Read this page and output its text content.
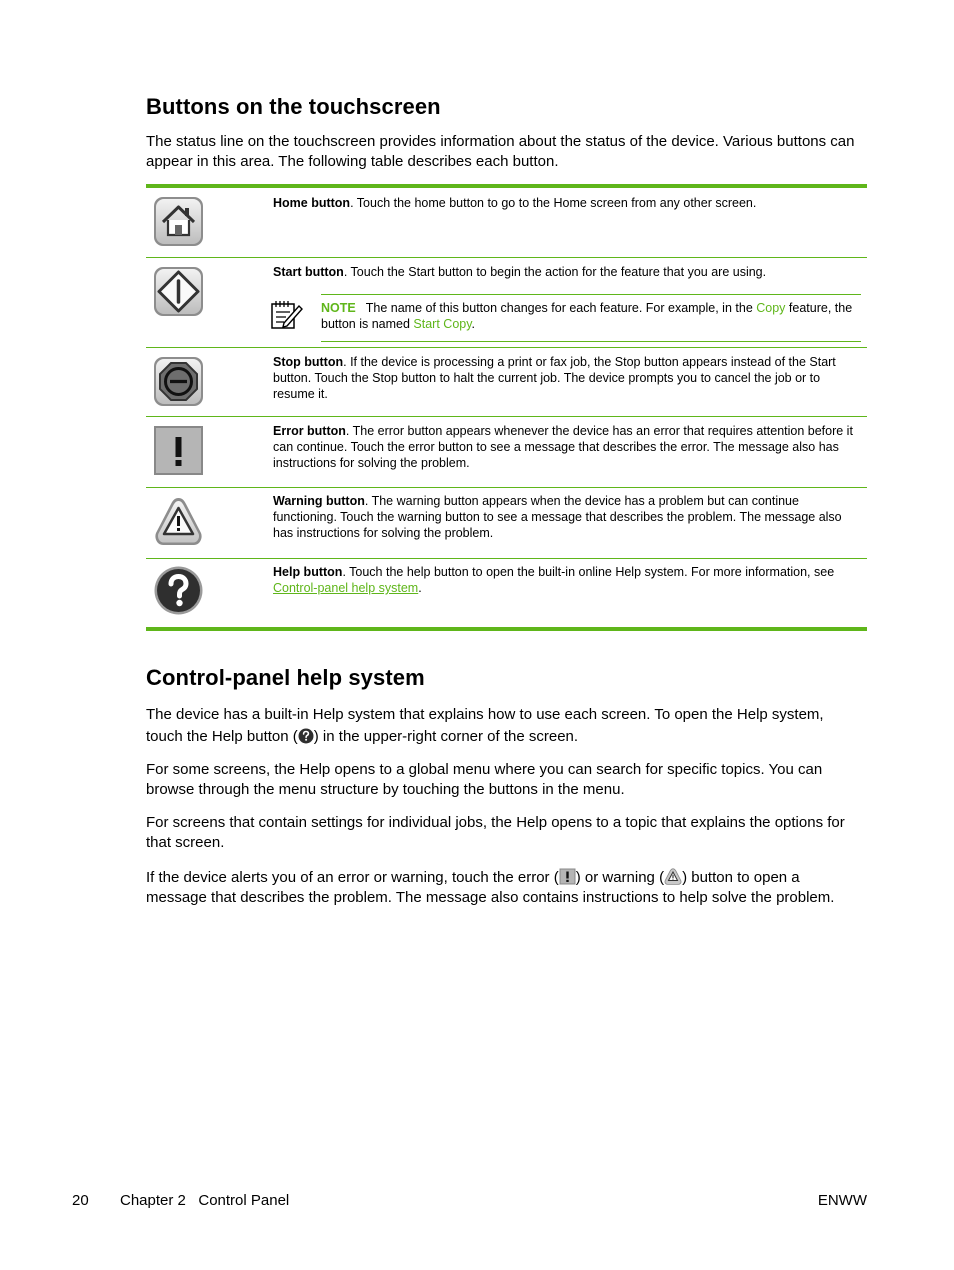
Buttons on the touchscreen

The status line on the touchscreen provides information about the status of the device. Various buttons can appear in this area. The following table describes each button.

Home button. Touch the home button to go to the Home screen from any other screen.

Start button. Touch the Start button to begin the action for the feature that you are using.

NOTE The name of this button changes for each feature. For example, in the Copy feature, the button is named Start Copy.

Stop button. If the device is processing a print or fax job, the Stop button appears instead of the Start button. Touch the Stop button to halt the current job. The device prompts you to cancel the job or to resume it.

Error button. The error button appears whenever the device has an error that requires attention before it can continue. Touch the error button to see a message that describes the error. The message also has instructions for solving the problem.

Warning button. The warning button appears when the device has a problem but can continue functioning. Touch the warning button to see a message that describes the problem. The message also has instructions for solving the problem.

Help button. Touch the help button to open the built-in online Help system. For more information, see Control-panel help system.

Control-panel help system

The device has a built-in Help system that explains how to use each screen. To open the Help system, touch the Help button ( ) in the upper-right corner of the screen.

For some screens, the Help opens to a global menu where you can search for specific topics. You can browse through the menu structure by touching the buttons in the menu.

For screens that contain settings for individual jobs, the Help opens to a topic that explains the options for that screen.

If the device alerts you of an error or warning, touch the error ( ) or warning ( ) button to open a message that describes the problem. The message also contains instructions to help solve the problem.

20 Chapter 2   Control Panel	ENWW
